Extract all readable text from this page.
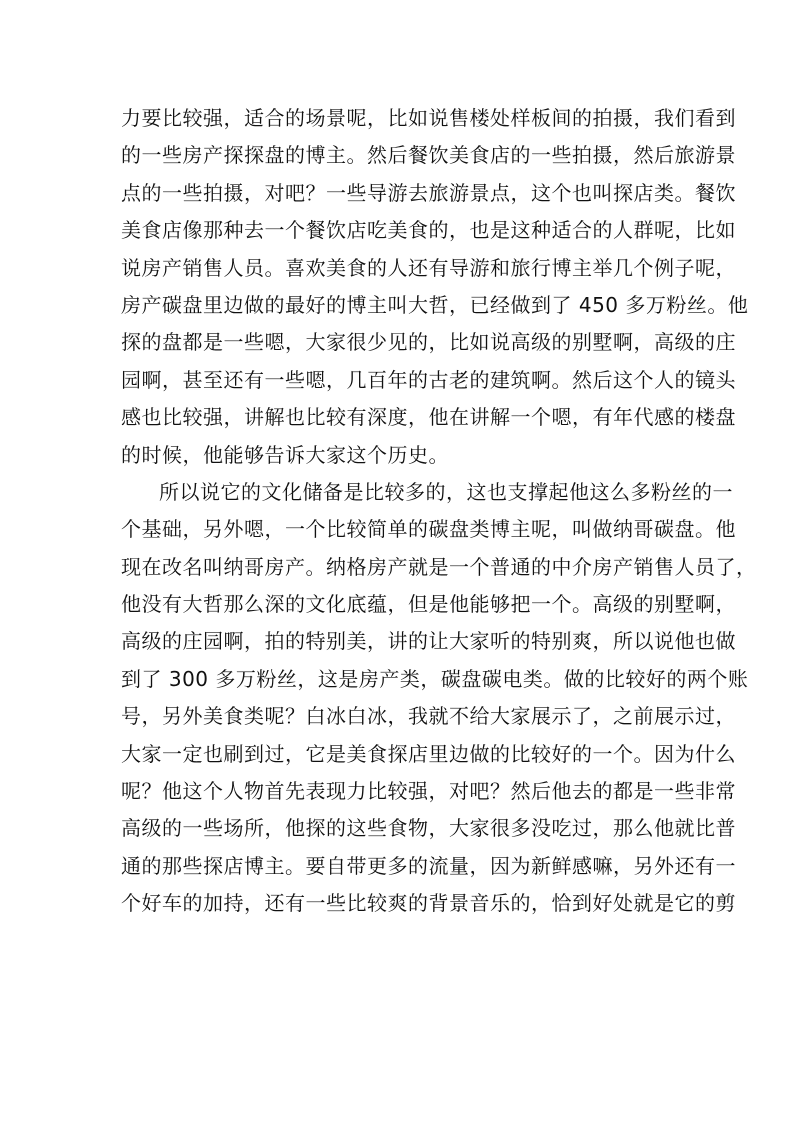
力要比较强，适合的场景呢，比如说售楼处样板间的拍摄，我们看到
的一些房产探探盘的博主。然后餐饮美食店的一些拍摄，然后旅游景
点的一些拍摄，对吧？一些导游去旅游景点，这个也叫探店类。餐饮
美食店像那种去一个餐饮店吃美食的，也是这种适合的人群呢，比如
说房产销售人员。喜欢美食的人还有导游和旅行博主举几个例子呢，
房产碳盘里边做的最好的博主叫大哲，已经做到了 450 多万粉丝。他
探的盘都是一些嗯，大家很少见的，比如说高级的别墅啊，高级的庄
园啊，甚至还有一些嗯，几百年的古老的建筑啊。然后这个人的镜头
感也比较强，讲解也比较有深度，他在讲解一个嗯，有年代感的楼盘
的时候，他能够告诉大家这个历史。
所以说它的文化储备是比较多的，这也支撑起他这么多粉丝的一
个基础，另外嗯，一个比较简单的碳盘类博主呢，叫做纳哥碳盘。他
现在改名叫纳哥房产。纳格房产就是一个普通的中介房产销售人员了，
他没有大哲那么深的文化底蕴，但是他能够把一个。高级的别墅啊，
高级的庄园啊，拍的特别美，讲的让大家听的特别爽，所以说他也做
到了 300 多万粉丝，这是房产类，碳盘碳电类。做的比较好的两个账
号，另外美食类呢？白冰白冰，我就不给大家展示了，之前展示过，
大家一定也刷到过，它是美食探店里边做的比较好的一个。因为什么
呢？他这个人物首先表现力比较强，对吧？然后他去的都是一些非常
高级的一些场所，他探的这些食物，大家很多没吃过，那么他就比普
通的那些探店博主。要自带更多的流量，因为新鲜感嘛，另外还有一
个好车的加持，还有一些比较爽的背景音乐的，恰到好处就是它的剪
